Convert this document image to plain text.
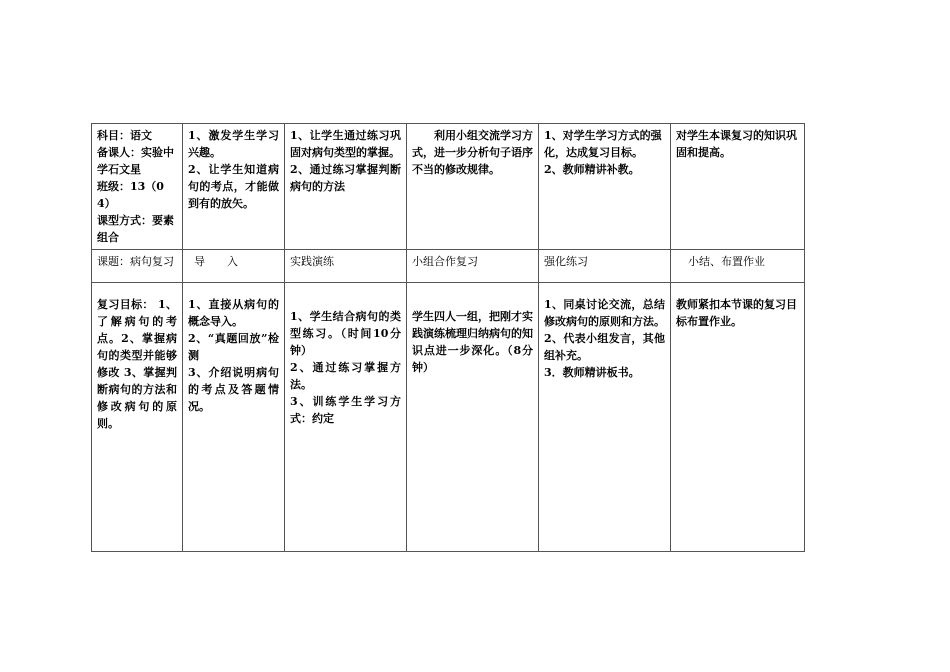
科目：语文
备课人：实验中学石文星
班级：13（04）
课型方式：要素组合	1、激发学生学习兴趣。
2、让学生知道病句的考点，才能做到有的放矢。	1、让学生通过练习巩固对病句类型的掌握。
2、通过练习掌握判断病句的方法	利用小组交流学习方式，进一步分析句子语序不当的修改规律。	1、对学生学习方式的强化，达成复习目标。
2、教师精讲补教。	对学生本课复习的知识巩固和提高。

课题：病句复习	导　　入	实践演练	小组合作复习	强化练习	小结、布置作业

复习目标： 1、了解病句的考点。2、掌握病句的类型并能够修改 3、掌握判断病句的方法和修改病句的原则。	1、直接从病句的概念导入。
2、“真题回放”检测
3、介绍说明病句的考点及答题情况。	1、学生结合病句的类型练习。（时间10分钟）
2、通过练习掌握方法。
3、训练学生学习方式：约定	学生四人一组，把刚才实践演练梳理归纳病句的知识点进一步深化。（8分钟）	1、同桌讨论交流，总结修改病句的原则和方法。
2、代表小组发言，其他组补充。
3．教师精讲板书。	教师紧扣本节课的复习目标布置作业。
